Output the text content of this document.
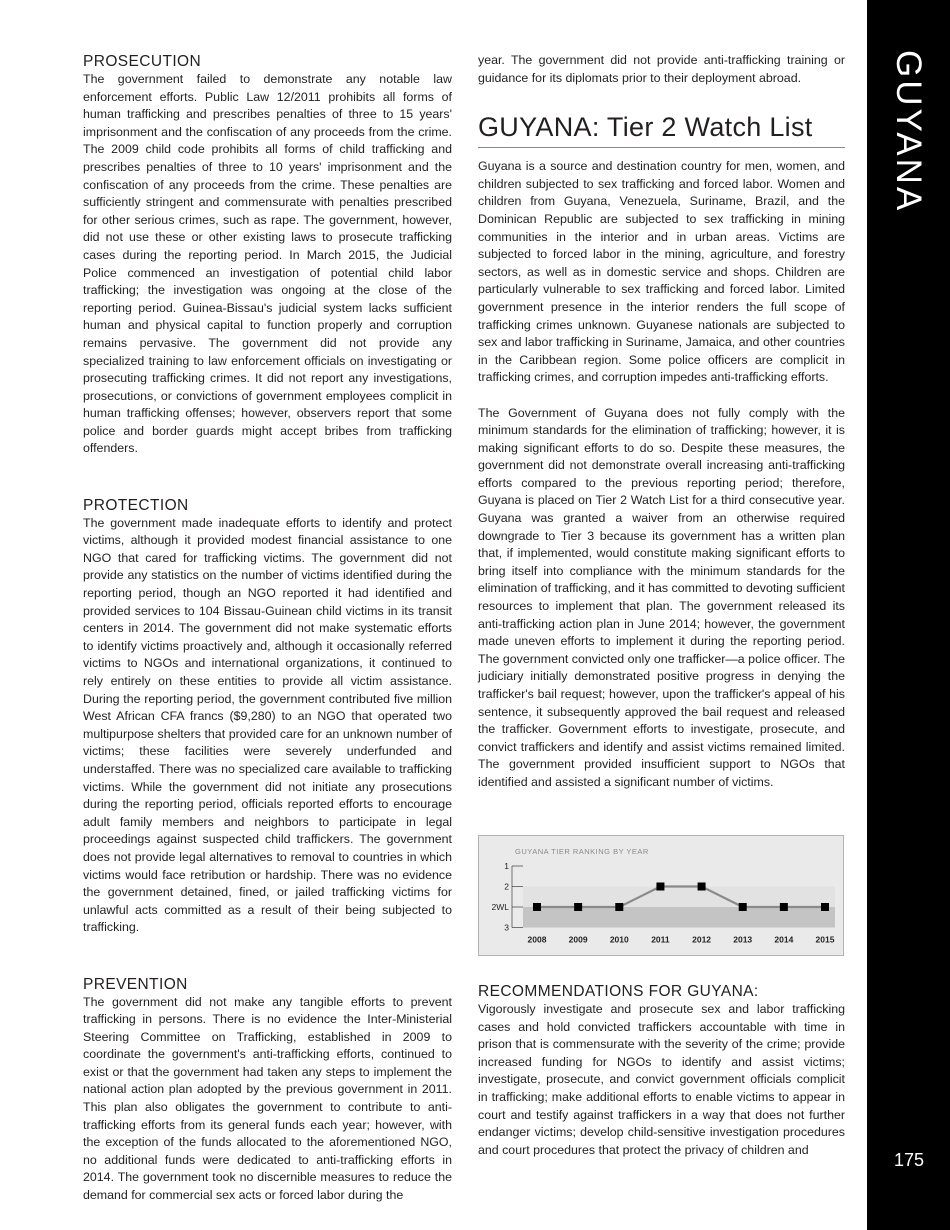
PROSECUTION

The government failed to demonstrate any notable law enforcement efforts. Public Law 12/2011 prohibits all forms of human trafficking and prescribes penalties of three to 15 years' imprisonment and the confiscation of any proceeds from the crime. The 2009 child code prohibits all forms of child trafficking and prescribes penalties of three to 10 years' imprisonment and the confiscation of any proceeds from the crime. These penalties are sufficiently stringent and commensurate with penalties prescribed for other serious crimes, such as rape. The government, however, did not use these or other existing laws to prosecute trafficking cases during the reporting period. In March 2015, the Judicial Police commenced an investigation of potential child labor trafficking; the investigation was ongoing at the close of the reporting period. Guinea-Bissau's judicial system lacks sufficient human and physical capital to function properly and corruption remains pervasive. The government did not provide any specialized training to law enforcement officials on investigating or prosecuting trafficking crimes. It did not report any investigations, prosecutions, or convictions of government employees complicit in human trafficking offenses; however, observers report that some police and border guards might accept bribes from trafficking offenders.

PROTECTION

The government made inadequate efforts to identify and protect victims, although it provided modest financial assistance to one NGO that cared for trafficking victims. The government did not provide any statistics on the number of victims identified during the reporting period, though an NGO reported it had identified and provided services to 104 Bissau-Guinean child victims in its transit centers in 2014. The government did not make systematic efforts to identify victims proactively and, although it occasionally referred victims to NGOs and international organizations, it continued to rely entirely on these entities to provide all victim assistance. During the reporting period, the government contributed five million West African CFA francs ($9,280) to an NGO that operated two multipurpose shelters that provided care for an unknown number of victims; these facilities were severely underfunded and understaffed. There was no specialized care available to trafficking victims. While the government did not initiate any prosecutions during the reporting period, officials reported efforts to encourage adult family members and neighbors to participate in legal proceedings against suspected child traffickers. The government does not provide legal alternatives to removal to countries in which victims would face retribution or hardship. There was no evidence the government detained, fined, or jailed trafficking victims for unlawful acts committed as a result of their being subjected to trafficking.

PREVENTION

The government did not make any tangible efforts to prevent trafficking in persons. There is no evidence the Inter-Ministerial Steering Committee on Trafficking, established in 2009 to coordinate the government's anti-trafficking efforts, continued to exist or that the government had taken any steps to implement the national action plan adopted by the previous government in 2011. This plan also obligates the government to contribute to anti-trafficking efforts from its general funds each year; however, with the exception of the funds allocated to the aforementioned NGO, no additional funds were dedicated to anti-trafficking efforts in 2014. The government took no discernible measures to reduce the demand for commercial sex acts or forced labor during the

year. The government did not provide anti-trafficking training or guidance for its diplomats prior to their deployment abroad.

GUYANA: Tier 2 Watch List

Guyana is a source and destination country for men, women, and children subjected to sex trafficking and forced labor. Women and children from Guyana, Venezuela, Suriname, Brazil, and the Dominican Republic are subjected to sex trafficking in mining communities in the interior and in urban areas. Victims are subjected to forced labor in the mining, agriculture, and forestry sectors, as well as in domestic service and shops. Children are particularly vulnerable to sex trafficking and forced labor. Limited government presence in the interior renders the full scope of trafficking crimes unknown. Guyanese nationals are subjected to sex and labor trafficking in Suriname, Jamaica, and other countries in the Caribbean region. Some police officers are complicit in trafficking crimes, and corruption impedes anti-trafficking efforts.

The Government of Guyana does not fully comply with the minimum standards for the elimination of trafficking; however, it is making significant efforts to do so. Despite these measures, the government did not demonstrate overall increasing anti-trafficking efforts compared to the previous reporting period; therefore, Guyana is placed on Tier 2 Watch List for a third consecutive year. Guyana was granted a waiver from an otherwise required downgrade to Tier 3 because its government has a written plan that, if implemented, would constitute making significant efforts to bring itself into compliance with the minimum standards for the elimination of trafficking, and it has committed to devoting sufficient resources to implement that plan. The government released its anti-trafficking action plan in June 2014; however, the government made uneven efforts to implement it during the reporting period. The government convicted only one trafficker—a police officer. The judiciary initially demonstrated positive progress in denying the trafficker's bail request; however, upon the trafficker's appeal of his sentence, it subsequently approved the bail request and released the trafficker. Government efforts to investigate, prosecute, and convict traffickers and identify and assist victims remained limited. The government provided insufficient support to NGOs that identified and assisted a significant number of victims.

GUYANA TIER RANKING BY YEAR
1
2
2WL
3
2008	2009	2010	2011	2012	2013	2014	2015
RECOMMENDATIONS FOR GUYANA:

Vigorously investigate and prosecute sex and labor trafficking cases and hold convicted traffickers accountable with time in prison that is commensurate with the severity of the crime; provide increased funding for NGOs to identify and assist victims; investigate, prosecute, and convict government officials complicit in trafficking; make additional efforts to enable victims to appear in court and testify against traffickers in a way that does not further endanger victims; develop child-sensitive investigation procedures and court procedures that protect the privacy of children and

GUYANA
175
